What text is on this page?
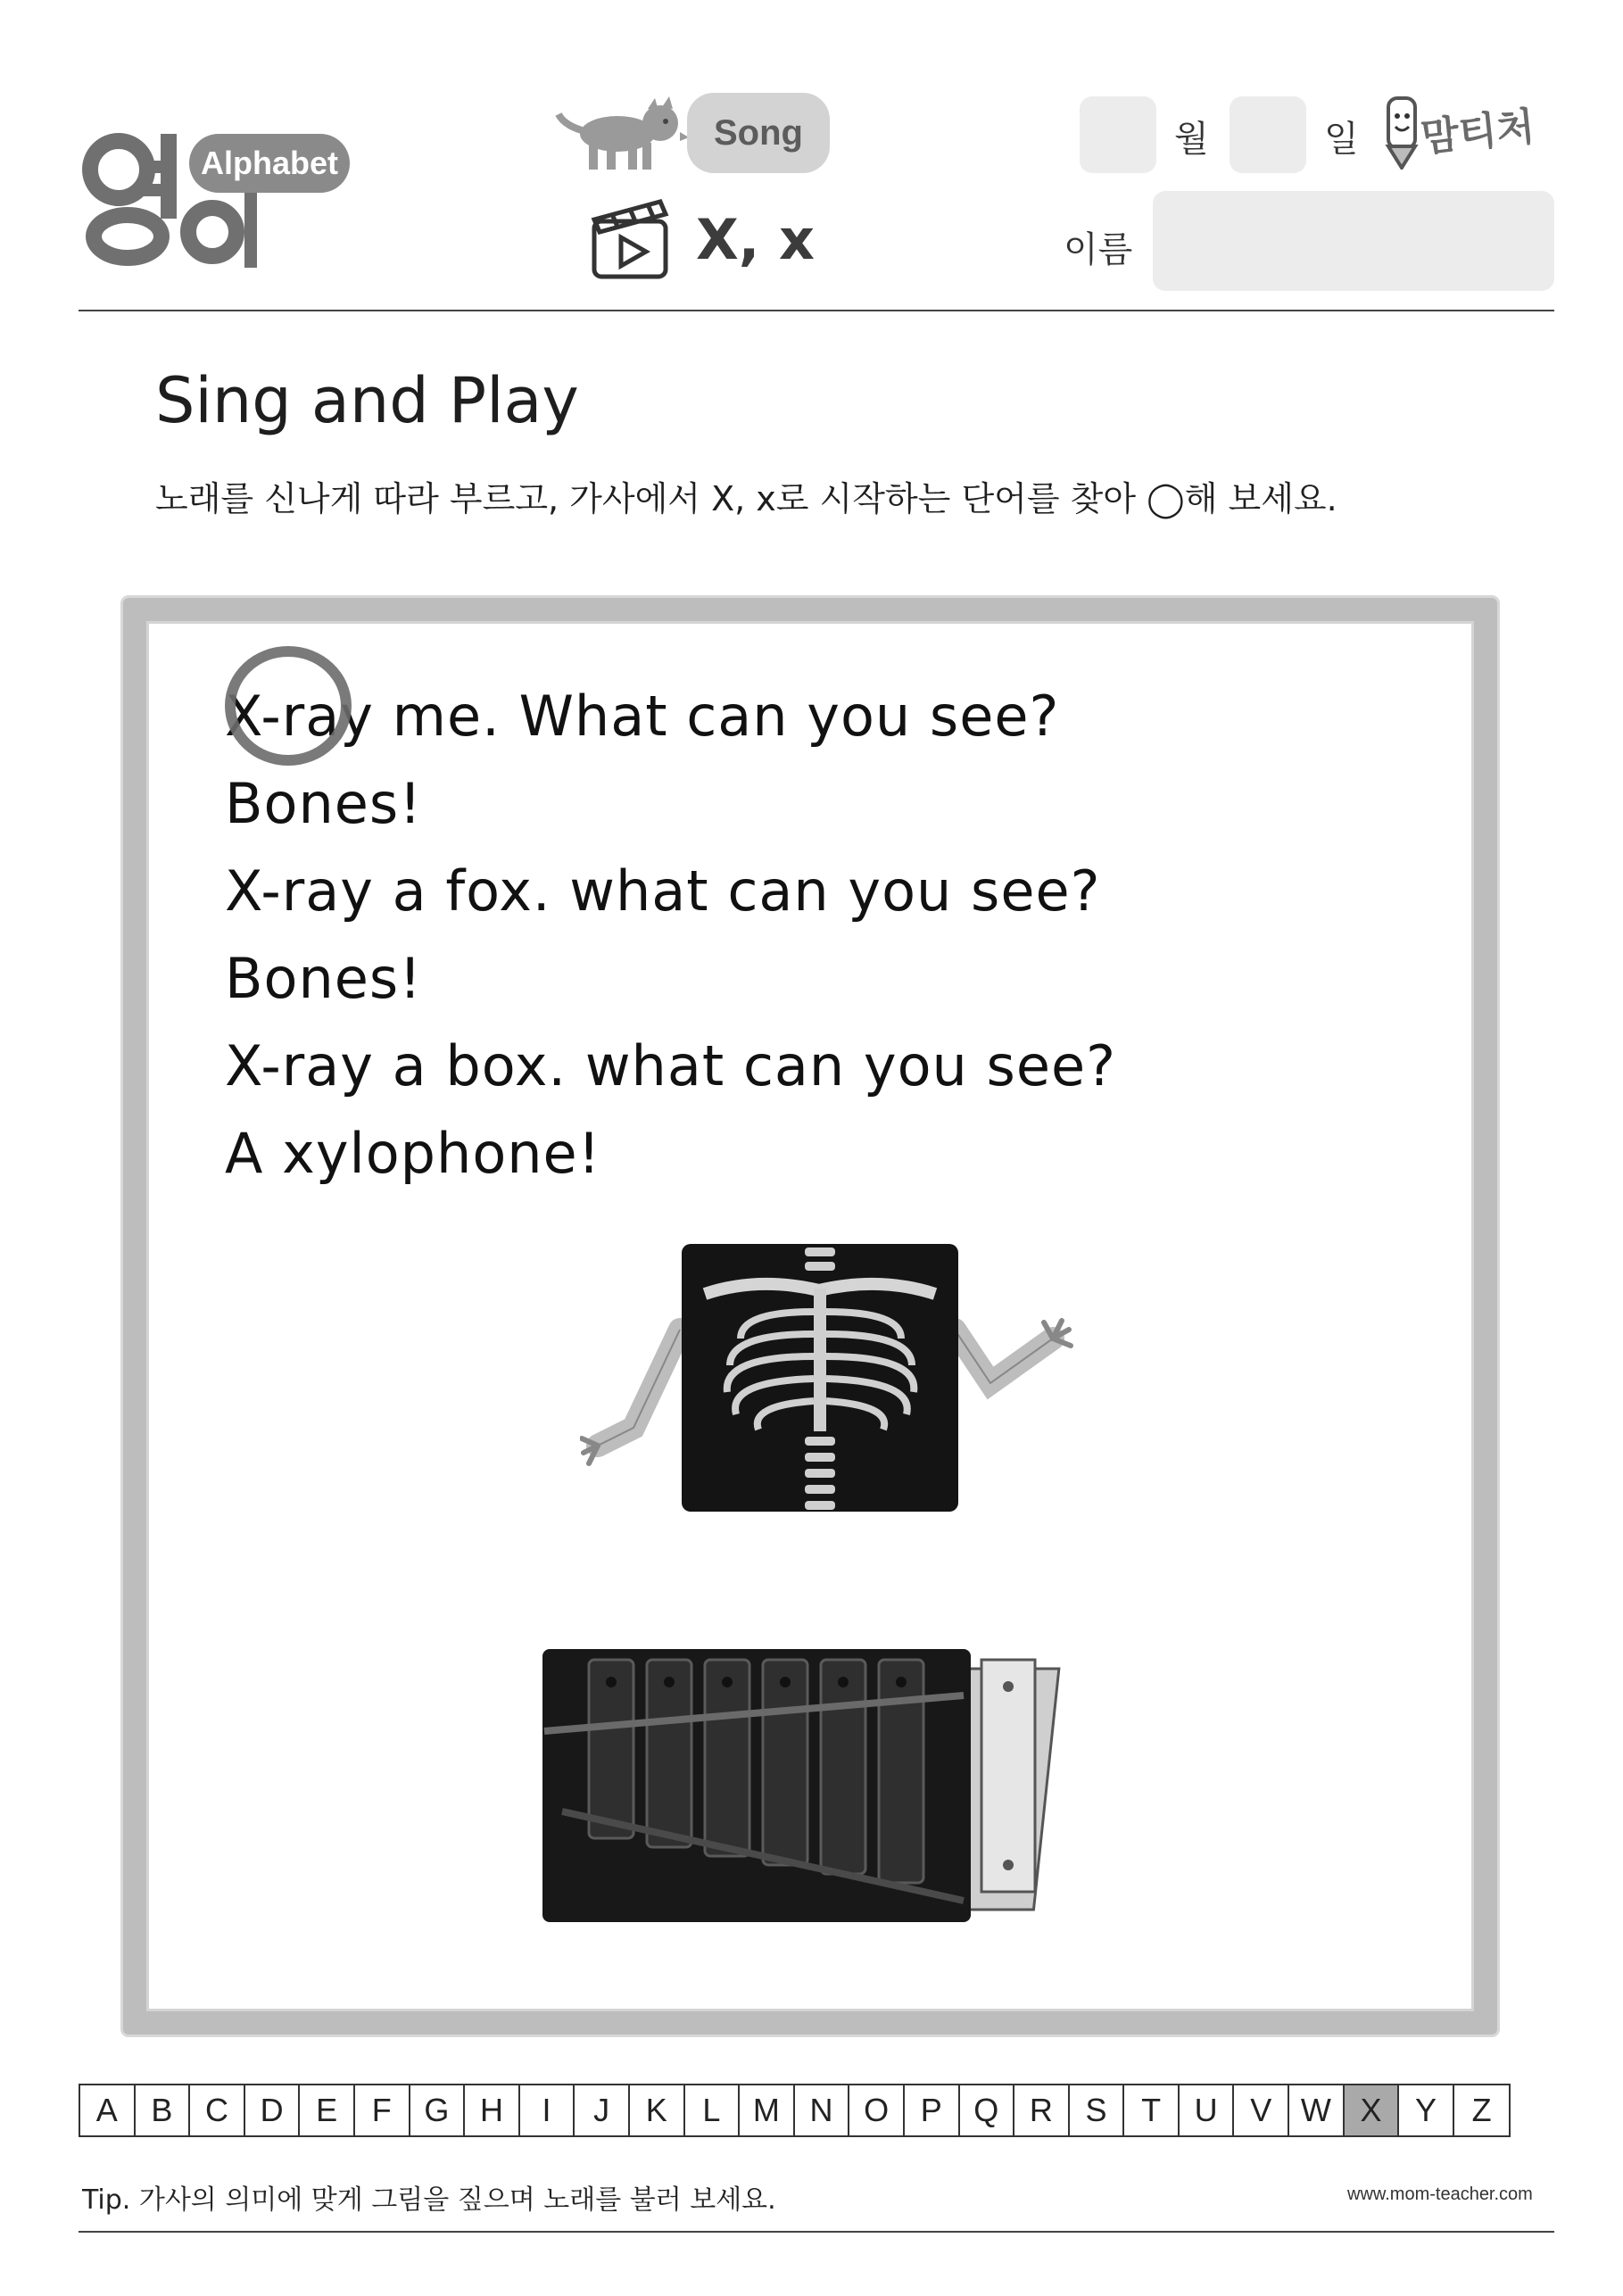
Alphabet
Song
X, x
월	일 맘티처
이름
Sing and Play
노래를 신나게 따라 부르고, 가사에서 X, x로 시작하는 단어를 찾아 ◯해 보세요.
X-ray me. What can you see?
Bones!
X-ray a fox. what can you see?
Bones!
X-ray a box. what can you see?
A xylophone!
A	B	C D	E	F	G H	I	J	K	L	M N O P Q R	S	T	U	V W X	Y	Z
Tip. 가사의 의미에 맞게 그림을 짚으며 노래를 불러 보세요.	www.mom-teacher.com
